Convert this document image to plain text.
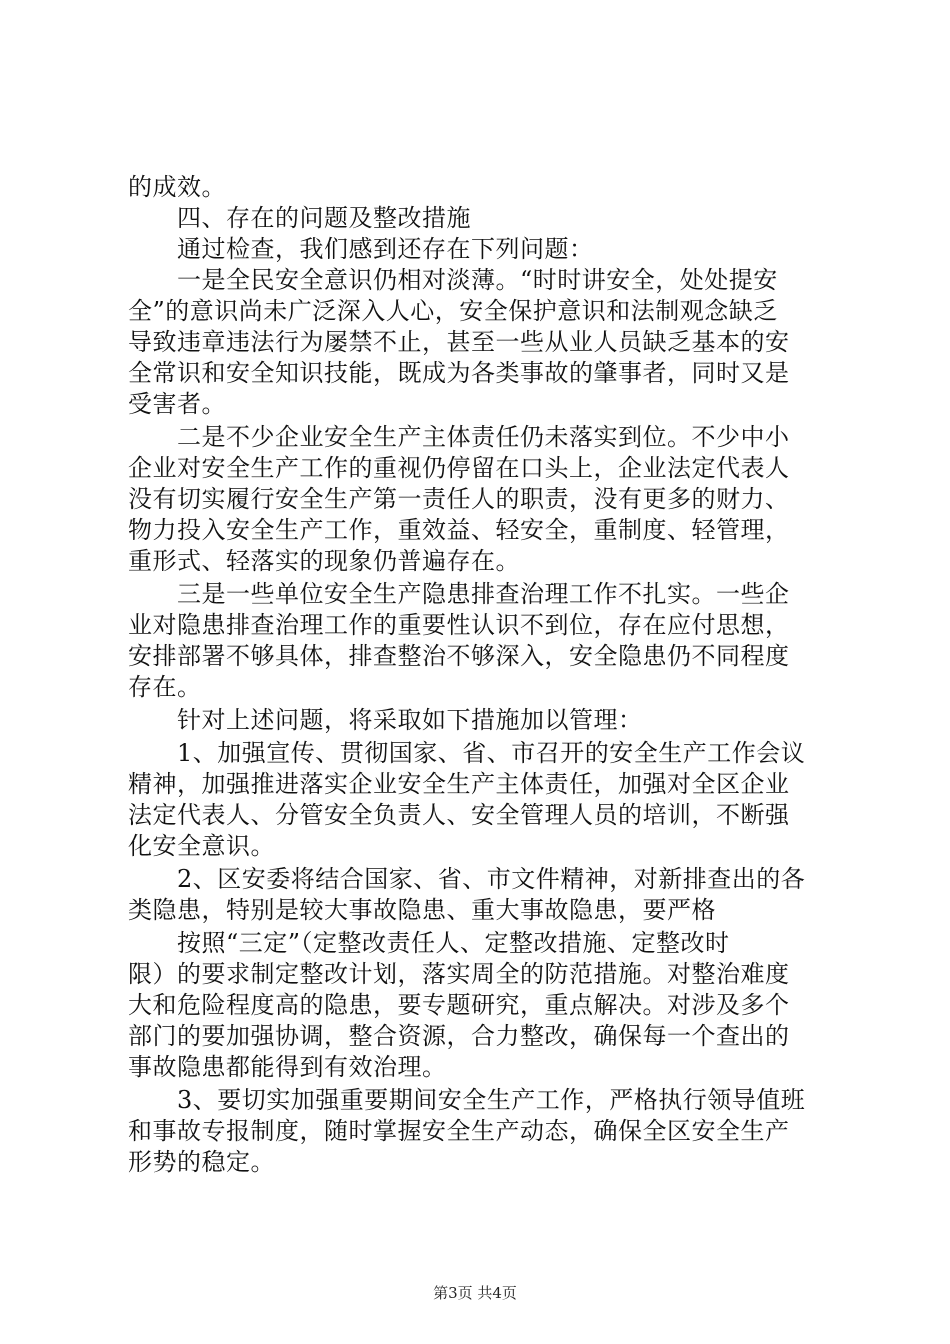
的成效。
　　四、存在的问题及整改措施
　　通过检查，我们感到还存在下列问题：
　　一是全民安全意识仍相对淡薄。“时时讲安全，处处提安
全”的意识尚未广泛深入人心，安全保护意识和法制观念缺乏
导致违章违法行为屡禁不止，甚至一些从业人员缺乏基本的安
全常识和安全知识技能，既成为各类事故的肇事者，同时又是
受害者。
　　二是不少企业安全生产主体责任仍未落实到位。不少中小
企业对安全生产工作的重视仍停留在口头上，企业法定代表人
没有切实履行安全生产第一责任人的职责，没有更多的财力、
物力投入安全生产工作，重效益、轻安全，重制度、轻管理，
重形式、轻落实的现象仍普遍存在。
　　三是一些单位安全生产隐患排查治理工作不扎实。一些企
业对隐患排查治理工作的重要性认识不到位，存在应付思想，
安排部署不够具体，排查整治不够深入，安全隐患仍不同程度
存在。
　　针对上述问题，将采取如下措施加以管理：
　　1、加强宣传、贯彻国家、省、市召开的安全生产工作会议
精神，加强推进落实企业安全生产主体责任，加强对全区企业
法定代表人、分管安全负责人、安全管理人员的培训，不断强
化安全意识。
　　2、区安委将结合国家、省、市文件精神，对新排查出的各
类隐患，特别是较大事故隐患、重大事故隐患，要严格
　　按照“三定”（定整改责任人、定整改措施、定整改时
限）的要求制定整改计划，落实周全的防范措施。对整治难度
大和危险程度高的隐患，要专题研究，重点解决。对涉及多个
部门的要加强协调，整合资源，合力整改，确保每一个查出的
事故隐患都能得到有效治理。
　　3、要切实加强重要期间安全生产工作，严格执行领导值班
和事故专报制度，随时掌握安全生产动态，确保全区安全生产
形势的稳定。
第3页 共4页
